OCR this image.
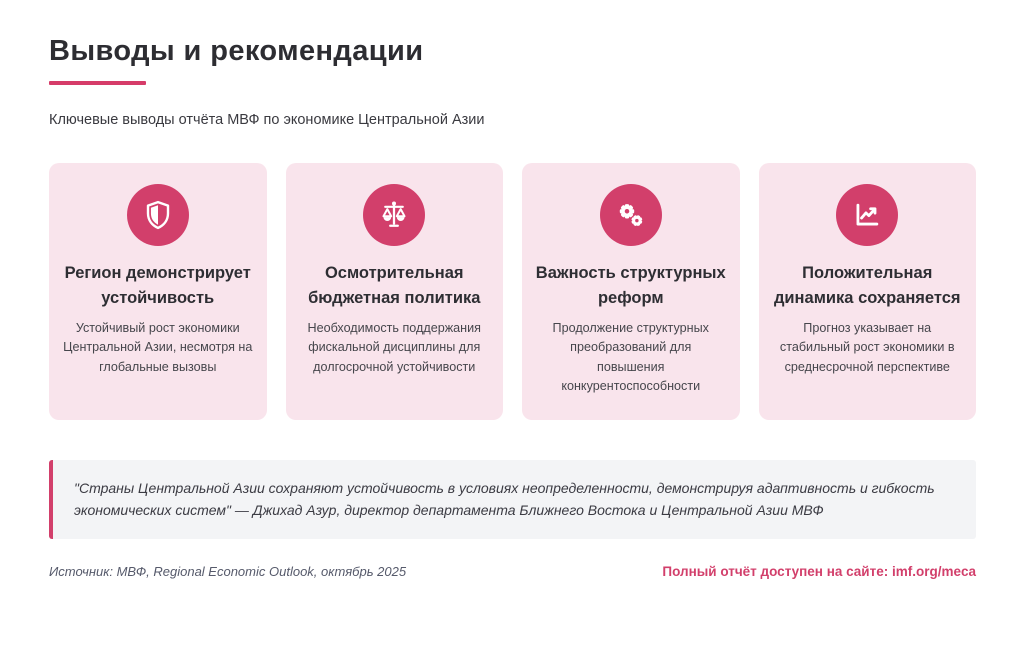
Выводы и рекомендации
Ключевые выводы отчёта МВФ по экономике Центральной Азии
Регион демонстрирует устойчивость
Устойчивый рост экономики Центральной Азии, несмотря на глобальные вызовы
Осмотрительная бюджетная политика
Необходимость поддержания фискальной дисциплины для долгосрочной устойчивости
Важность структурных реформ
Продолжение структурных преобразований для повышения конкурентоспособности
Положительная динамика сохраняется
Прогноз указывает на стабильный рост экономики в среднесрочной перспективе
"Страны Центральной Азии сохраняют устойчивость в условиях неопределенности, демонстрируя адаптивность и гибкость экономических систем" — Джихад Азур, директор департамента Ближнего Востока и Центральной Азии МВФ
Источник: МВФ, Regional Economic Outlook, октябрь 2025	Полный отчёт доступен на сайте: imf.org/meca
